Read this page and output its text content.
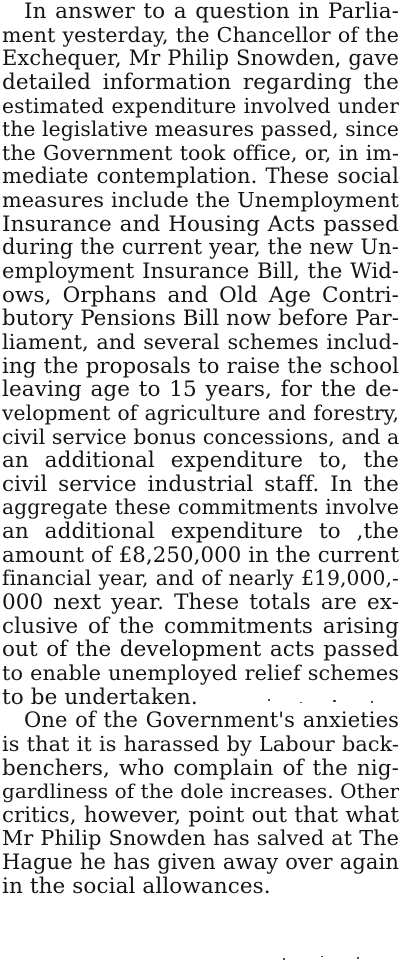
In answer to a question in Parlia-
ment yesterday, the Chancellor of the
Exchequer, Mr Philip Snowden, gave
detailed information regarding the
estimated expenditure involved under
the legislative measures passed, since
the Government took office, or, in im-
mediate contemplation. These social
measures include the Unemployment
Insurance and Housing Acts passed
during the current year, the new Un-
employment Insurance Bill, the Wid-
ows, Orphans and Old Age Contri-
butory Pensions Bill now before Par-
liament, and several schemes includ-
ing the proposals to raise the school
leaving age to 15 years, for the de-
velopment of agriculture and forestry,
civil service bonus concessions, and a
an additional expenditure to, the
civil service industrial staff. In the
aggregate these commitments involve
an additional expenditure to ,the
amount of £8,250,000 in the current
financial year, and of nearly £19,000,-
000 next year. These totals are ex-
clusive of the commitments arising
out of the development acts passed
to enable unemployed relief schemes
to be undertaken.
One of the Government's anxieties
is that it is harassed by Labour back-
benchers, who complain of the nig-
gardliness of the dole increases. Other
critics, however, point out that what
Mr Philip Snowden has salved at The
Hague he has given away over again
in the social allowances.
